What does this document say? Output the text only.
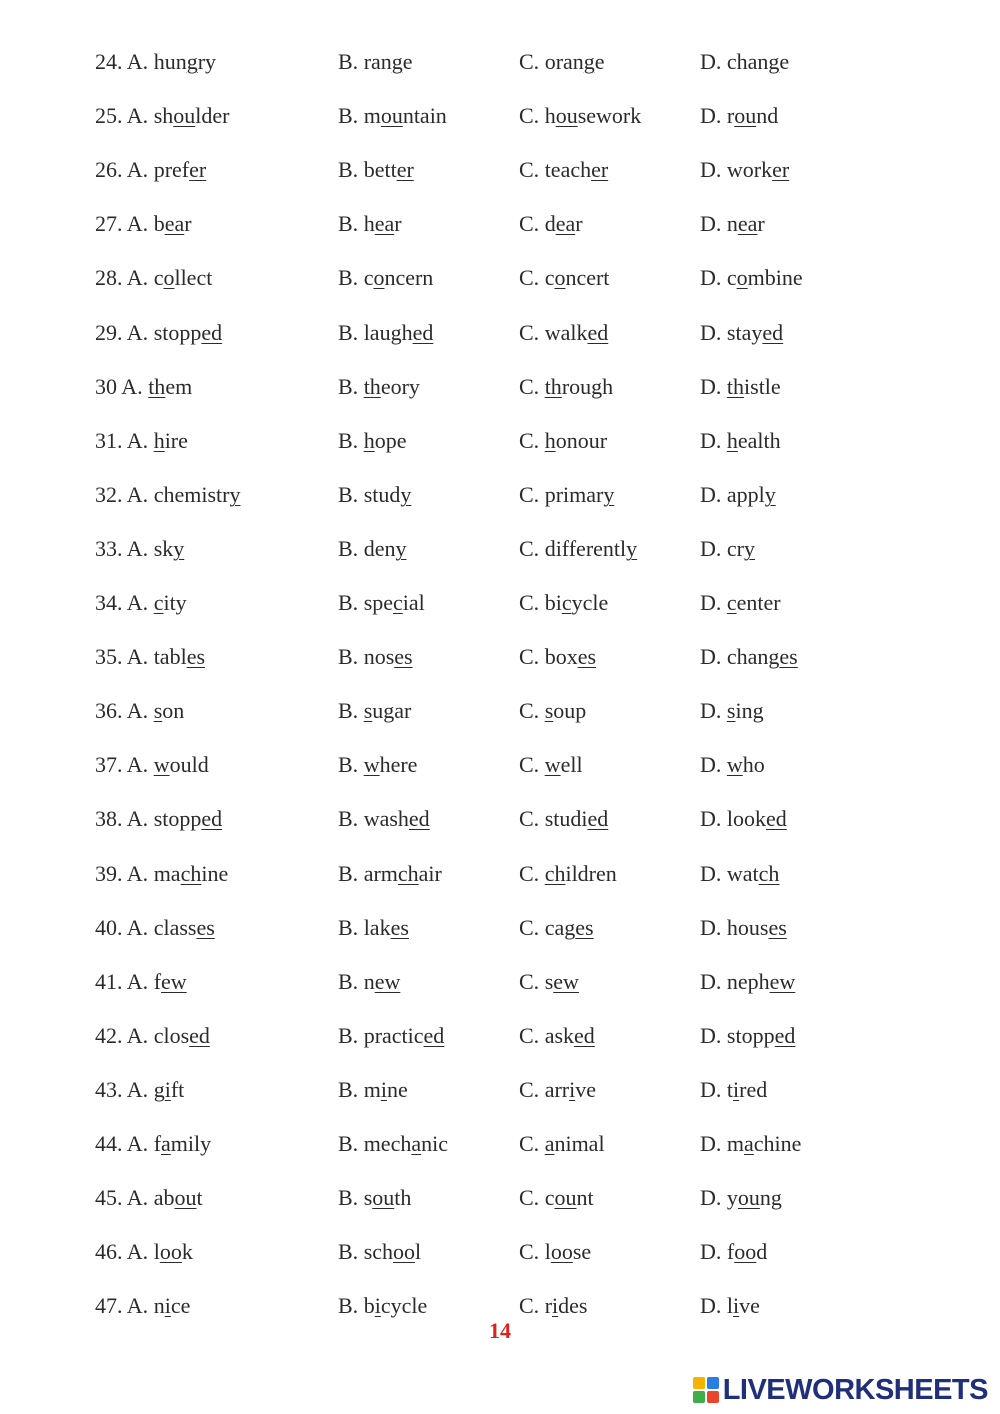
24. A. hungry	B. range	C. orange	D. change
25. A. shoulder	B. mountain	C. housework	D. round
26. A. prefer	B. better	C. teacher	D. worker
27. A. bear	B. hear	C. dear	D. near
28. A. collect	B. concern	C. concert	D. combine
29. A. stopped	B. laughed	C. walked	D. stayed
30 A. them	B. theory	C. through	D. thistle
31. A. hire	B. hope	C. honour	D. health
32. A. chemistry	B. study	C. primary	D. apply
33. A. sky	B. deny	C. differently	D. cry
34. A. city	B. special	C. bicycle	D. center
35. A. tables	B. noses	C. boxes	D. changes
36. A. son	B. sugar	C. soup	D. sing
37. A. would	B. where	C. well	D. who
38. A. stopped	B. washed	C. studied	D. looked
39. A. machine	B. armchair	C. children	D. watch
40. A. classes	B. lakes	C. cages	D. houses
41. A. few	B. new	C. sew	D. nephew
42. A. closed	B. practiced	C. asked	D. stopped
43. A. gift	B. mine	C. arrive	D. tired
44. A. family	B. mechanic	C. animal	D. machine
45. A. about	B. south	C. count	D. young
46. A. look	B. school	C. loose	D. food
47. A. nice	B. bicycle	C. rides	D. live
14
LIVEWORKSHEETS
